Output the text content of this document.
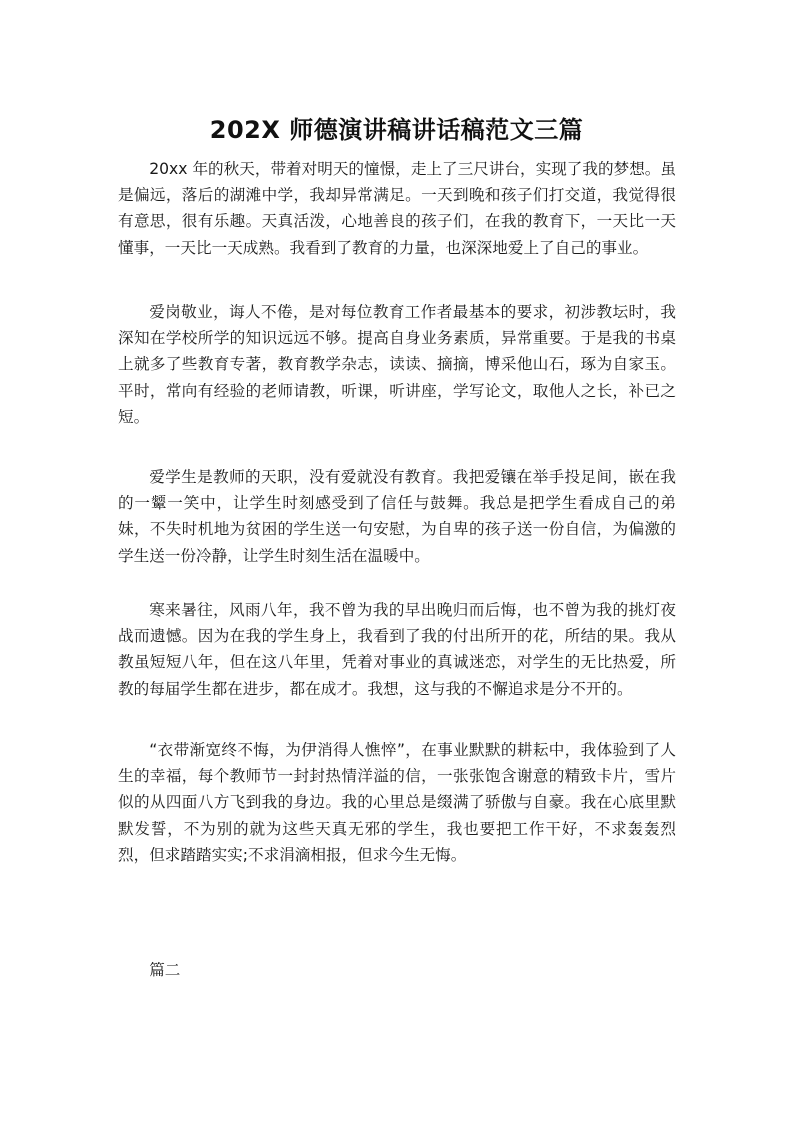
202X 师德演讲稿讲话稿范文三篇

20xx 年的秋天，带着对明天的憧憬，走上了三尺讲台，实现了我的梦想。虽是偏远，落后的湖滩中学，我却异常满足。一天到晚和孩子们打交道，我觉得很有意思，很有乐趣。天真活泼，心地善良的孩子们，在我的教育下，一天比一天懂事，一天比一天成熟。我看到了教育的力量，也深深地爱上了自己的事业。

爱岗敬业，诲人不倦，是对每位教育工作者最基本的要求，初涉教坛时，我深知在学校所学的知识远远不够。提高自身业务素质，异常重要。于是我的书桌上就多了些教育专著，教育教学杂志，读读、摘摘，博采他山石，琢为自家玉。平时，常向有经验的老师请教，听课，听讲座，学写论文，取他人之长，补已之短。

爱学生是教师的天职，没有爱就没有教育。我把爱镶在举手投足间，嵌在我的一颦一笑中，让学生时刻感受到了信任与鼓舞。我总是把学生看成自己的弟妹，不失时机地为贫困的学生送一句安慰，为自卑的孩子送一份自信，为偏激的学生送一份冷静，让学生时刻生活在温暖中。

寒来暑往，风雨八年，我不曾为我的早出晚归而后悔，也不曾为我的挑灯夜战而遗憾。因为在我的学生身上，我看到了我的付出所开的花，所结的果。我从教虽短短八年，但在这八年里，凭着对事业的真诚迷恋，对学生的无比热爱，所教的每届学生都在进步，都在成才。我想，这与我的不懈追求是分不开的。

“衣带渐宽终不悔，为伊消得人憔悴”，在事业默默的耕耘中，我体验到了人生的幸福，每个教师节一封封热情洋溢的信，一张张饱含谢意的精致卡片，雪片似的从四面八方飞到我的身边。我的心里总是缀满了骄傲与自豪。我在心底里默默发誓，不为别的就为这些天真无邪的学生，我也要把工作干好，不求轰轰烈烈，但求踏踏实实;不求涓滴相报，但求今生无悔。

篇二
